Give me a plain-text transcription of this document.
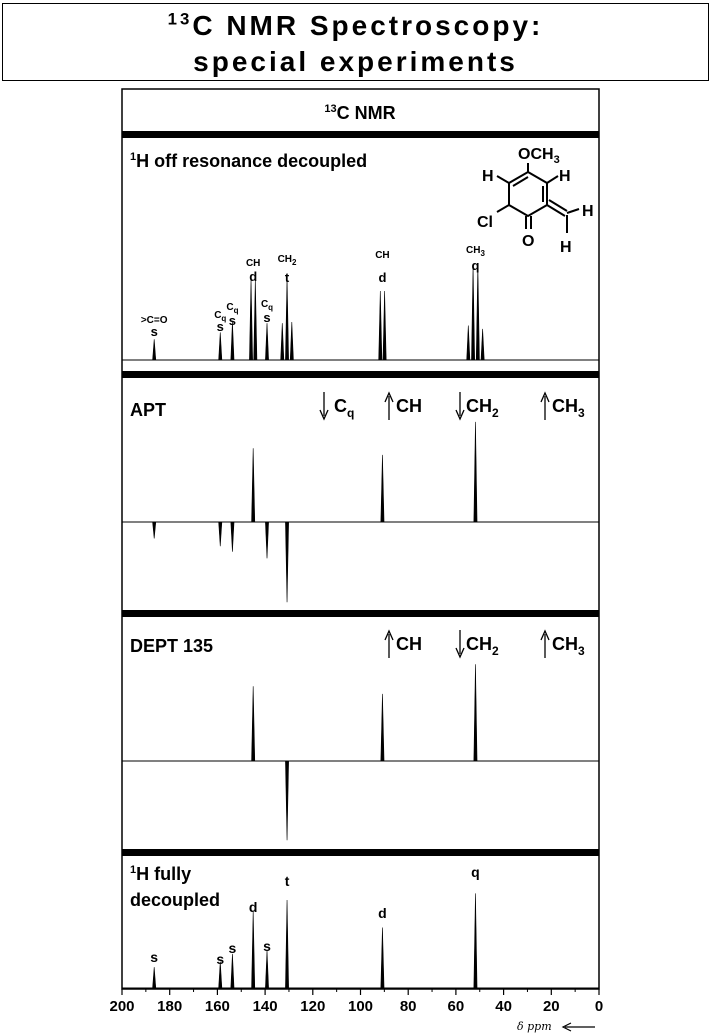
$^{13}$C NMR Spectroscopy:
special experiments
$^{13}$C NMR
$^1$H off resonance decoupled
APT
DEPT 135
$^1$H fully
decoupled
$C_q$ CH $CH_2$	$CH_3$
CH $CH_2$	$CH_3$
$OCH_3$
H	H
Cl
O
H
H
>C=O
s
$C_q$
s
$C_q$
s
CH
d
$C_q$
s
$CH_2$
t
CH
d
$CH_3$
q
s	s
s
d
s
t
d
q
200 180 160 140 120 100 80 60 40 20 0
δ ppm
